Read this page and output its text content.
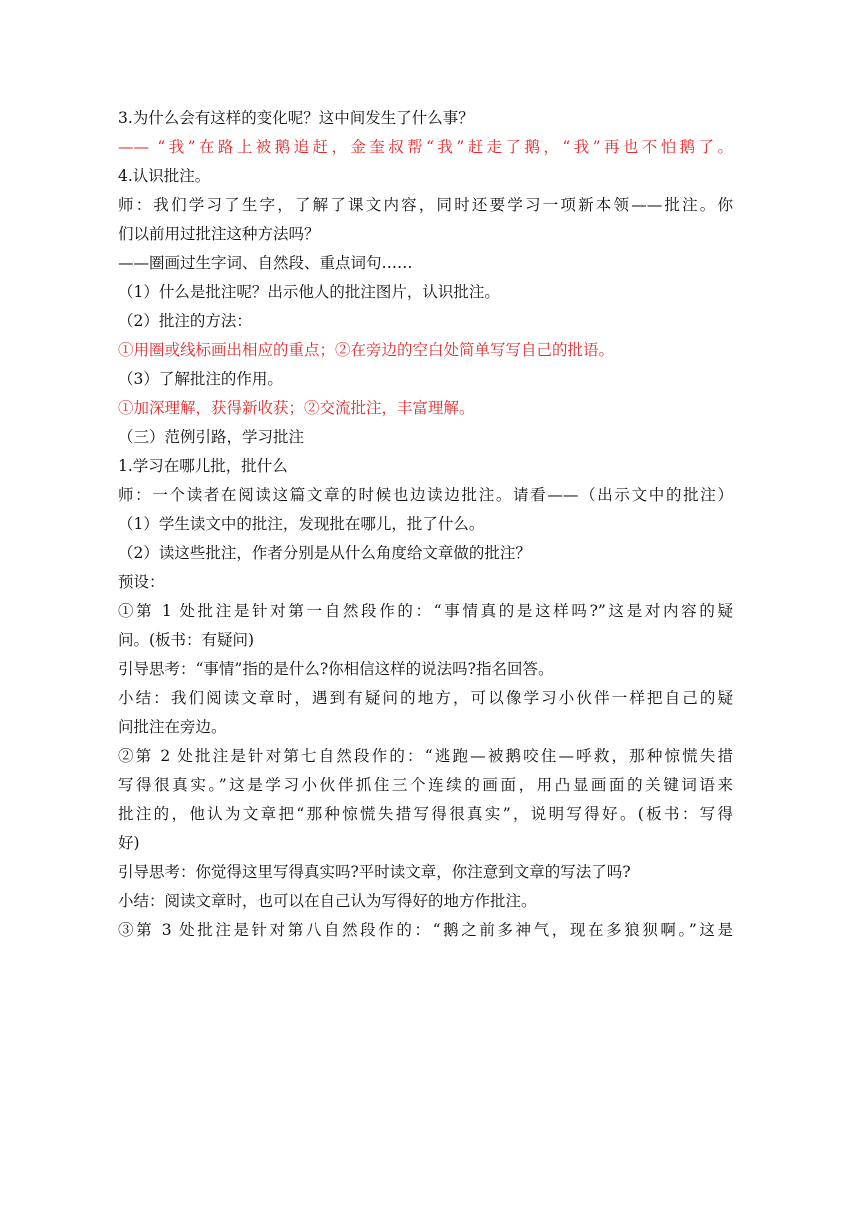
3.为什么会有这样的变化呢？这中间发生了什么事？
—— “我”在路上被鹅追赶，金奎叔帮“我”赶走了鹅，“我”再也不怕鹅了。
4.认识批注。
师：我们学习了生字，了解了课文内容，同时还要学习一项新本领——批注。你
们以前用过批注这种方法吗？
——圈画过生字词、自然段、重点词句……
（1）什么是批注呢？出示他人的批注图片，认识批注。
（2）批注的方法：
①用圈或线标画出相应的重点；②在旁边的空白处简单写写自己的批语。
（3）了解批注的作用。
①加深理解，获得新收获；②交流批注，丰富理解。
（三）范例引路，学习批注
1.学习在哪儿批，批什么
师：一个读者在阅读这篇文章的时候也边读边批注。请看——（出示文中的批注）
（1）学生读文中的批注，发现批在哪儿，批了什么。
（2）读这些批注，作者分别是从什么角度给文章做的批注？
预设：
①第 1 处批注是针对第一自然段作的：“事情真的是这样吗?”这是对内容的疑
问。(板书：有疑问)
引导思考：“事情”指的是什么?你相信这样的说法吗?指名回答。
小结：我们阅读文章时，遇到有疑问的地方，可以像学习小伙伴一样把自己的疑
问批注在旁边。
②第 2 处批注是针对第七自然段作的：“逃跑—被鹅咬住—呼救，那种惊慌失措
写得很真实。”这是学习小伙伴抓住三个连续的画面，用凸显画面的关键词语来
批注的，他认为文章把“那种惊慌失措写得很真实”，说明写得好。(板书：写得
好)
引导思考：你觉得这里写得真实吗?平时读文章，你注意到文章的写法了吗?
小结：阅读文章时，也可以在自己认为写得好的地方作批注。
③第 3 处批注是针对第八自然段作的：“鹅之前多神气，现在多狼狈啊。”这是
